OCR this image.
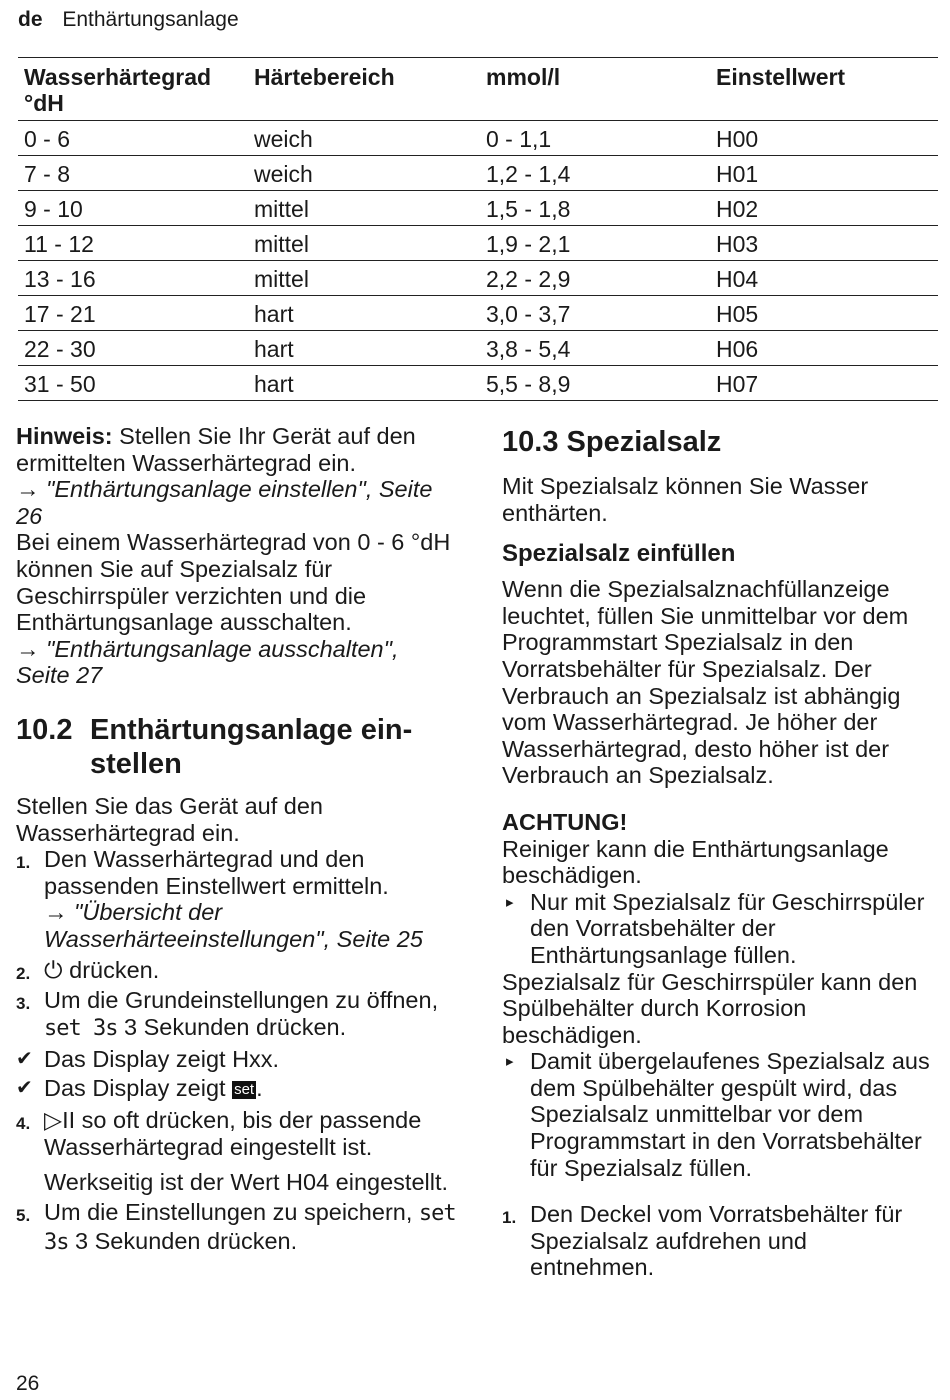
de Enthärtungsanlage
Wasserhärtegrad °dH	Härtebereich	mmol/l	Einstellwert
0 - 6	weich	0 - 1,1	H00
7 - 8	weich	1,2 - 1,4	H01
9 - 10	mittel	1,5 - 1,8	H02
11 - 12	mittel	1,9 - 2,1	H03
13 - 16	mittel	2,2 - 2,9	H04
17 - 21	hart	3,0 - 3,7	H05
22 - 30	hart	3,8 - 5,4	H06
31 - 50	hart	5,5 - 8,9	H07

Hinweis: Stellen Sie Ihr Gerät auf den ermittelten Wasserhärtegrad ein.

→ "Enthärtungsanlage einstellen", Seite 26

Bei einem Wasserhärtegrad von 0 - 6 °dH können Sie auf Spezialsalz für Geschirrspüler verzichten und die Enthärtungsanlage ausschalten.

→ "Enthärtungsanlage ausschalten", Seite 27

10.2 Enthärtungsanlage ein-
stellen

Stellen Sie das Gerät auf den Wasserhärtegrad ein.

1. Den Wasserhärtegrad und den passenden Einstellwert ermitteln.
→ "Übersicht der Wasserhärteeinstellungen", Seite 25
2. ⏻ drücken.
3. Um die Grundeinstellungen zu öffnen, set 3s 3 Sekunden drücken.
✔ Das Display zeigt Hxx.
✔ Das Display zeigt set.
4. ▷II so oft drücken, bis der passende Wasserhärtegrad eingestellt ist.

Werkseitig ist der Wert H04 eingestellt.

5. Um die Einstellungen zu speichern, set 3s 3 Sekunden drücken.
10.3 Spezialsalz

Mit Spezialsalz können Sie Wasser enthärten.

Spezialsalz einfüllen

Wenn die Spezialsalznachfüllanzeige leuchtet, füllen Sie unmittelbar vor dem Programmstart Spezialsalz in den Vorratsbehälter für Spezialsalz. Der Verbrauch an Spezialsalz ist abhängig vom Wasserhärtegrad. Je höher der Wasserhärtegrad, desto höher ist der Verbrauch an Spezialsalz.

ACHTUNG!

Reiniger kann die Enthärtungsanlage beschädigen.

▸ Nur mit Spezialsalz für Geschirrspüler den Vorratsbehälter der Enthärtungsanlage füllen.

Spezialsalz für Geschirrspüler kann den Spülbehälter durch Korrosion beschädigen.

▸ Damit übergelaufenes Spezialsalz aus dem Spülbehälter gespült wird, das Spezialsalz unmittelbar vor dem Programmstart in den Vorratsbehälter für Spezialsalz füllen.
1. Den Deckel vom Vorratsbehälter für Spezialsalz aufdrehen und entnehmen.
26
